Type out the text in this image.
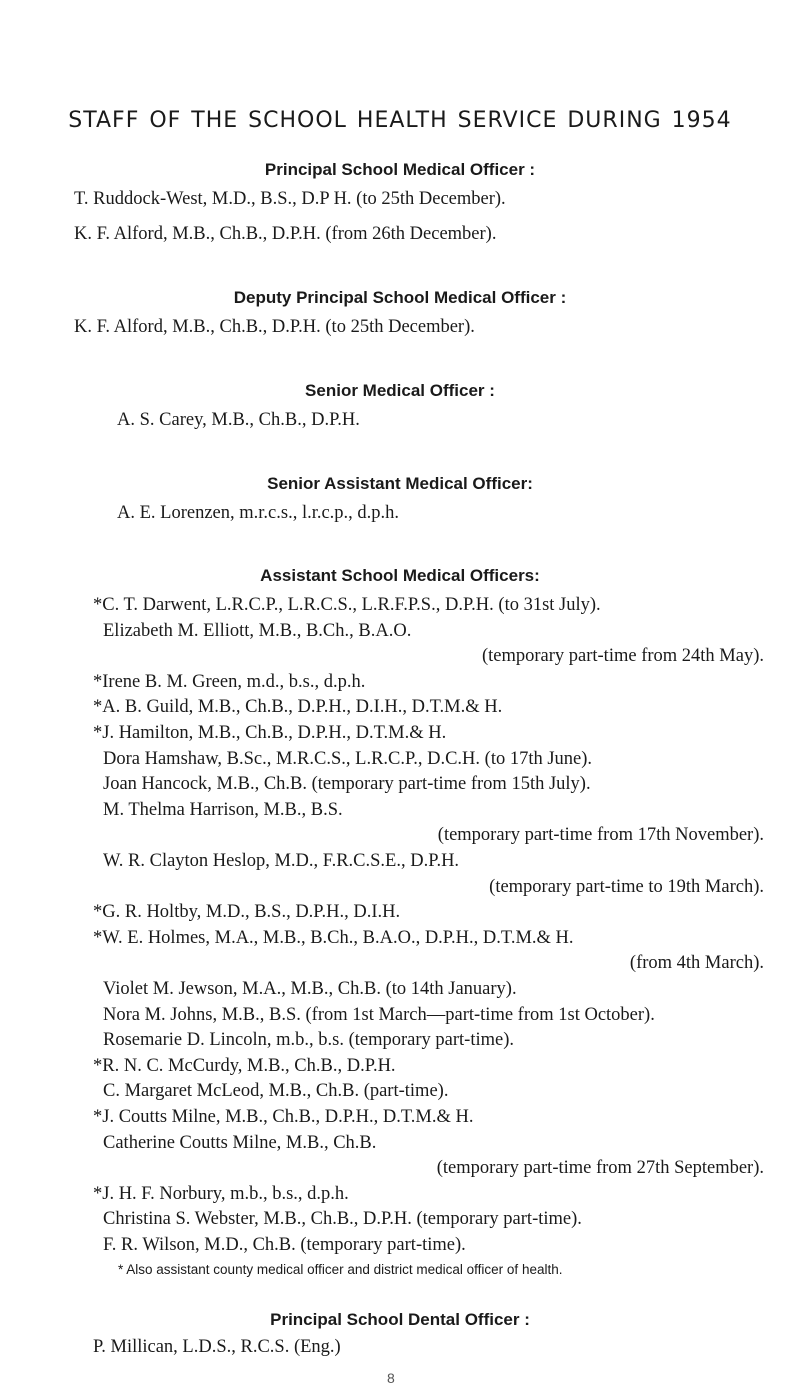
STAFF OF THE SCHOOL HEALTH SERVICE DURING 1954
Principal School Medical Officer :
T. Ruddock-West, M.D., B.S., D.P H. (to 25th December).
K. F. Alford, M.B., Ch.B., D.P.H. (from 26th December).
Deputy Principal School Medical Officer :
K. F. Alford, M.B., Ch.B., D.P.H. (to 25th December).
Senior Medical Officer :
A. S. Carey, M.B., Ch.B., D.P.H.
Senior Assistant Medical Officer:
A. E. Lorenzen, m.r.c.s., l.r.c.p., d.p.h.
Assistant School Medical Officers:
*C. T. Darwent, L.R.C.P., L.R.C.S., L.R.F.P.S., D.P.H. (to 31st July).
Elizabeth M. Elliott, M.B., B.Ch., B.A.O.
(temporary part-time from 24th May).
*Irene B. M. Green, m.d., b.s., d.p.h.
*A. B. Guild, M.B., Ch.B., D.P.H., D.I.H., D.T.M.& H.
*J. Hamilton, M.B., Ch.B., D.P.H., D.T.M.& H.
Dora Hamshaw, B.Sc., M.R.C.S., L.R.C.P., D.C.H. (to 17th June).
Joan Hancock, M.B., Ch.B. (temporary part-time from 15th July).
M. Thelma Harrison, M.B., B.S.
(temporary part-time from 17th November).
W. R. Clayton Heslop, M.D., F.R.C.S.E., D.P.H.
(temporary part-time to 19th March).
*G. R. Holtby, M.D., B.S., D.P.H., D.I.H.
*W. E. Holmes, M.A., M.B., B.Ch., B.A.O., D.P.H., D.T.M.& H.
(from 4th March).
Violet M. Jewson, M.A., M.B., Ch.B. (to 14th January).
Nora M. Johns, M.B., B.S. (from 1st March—part-time from 1st October).
Rosemarie D. Lincoln, m.b., b.s. (temporary part-time).
*R. N. C. McCurdy, M.B., Ch.B., D.P.H.
C. Margaret McLeod, M.B., Ch.B. (part-time).
*J. Coutts Milne, M.B., Ch.B., D.P.H., D.T.M.& H.
Catherine Coutts Milne, M.B., Ch.B.
(temporary part-time from 27th September).
*J. H. F. Norbury, m.b., b.s., d.p.h.
Christina S. Webster, M.B., Ch.B., D.P.H. (temporary part-time).
F. R. Wilson, M.D., Ch.B. (temporary part-time).
8
* Also assistant county medical officer and district medical officer of health.
Principal School Dental Officer :
P. Millican, L.D.S., R.C.S. (Eng.)
